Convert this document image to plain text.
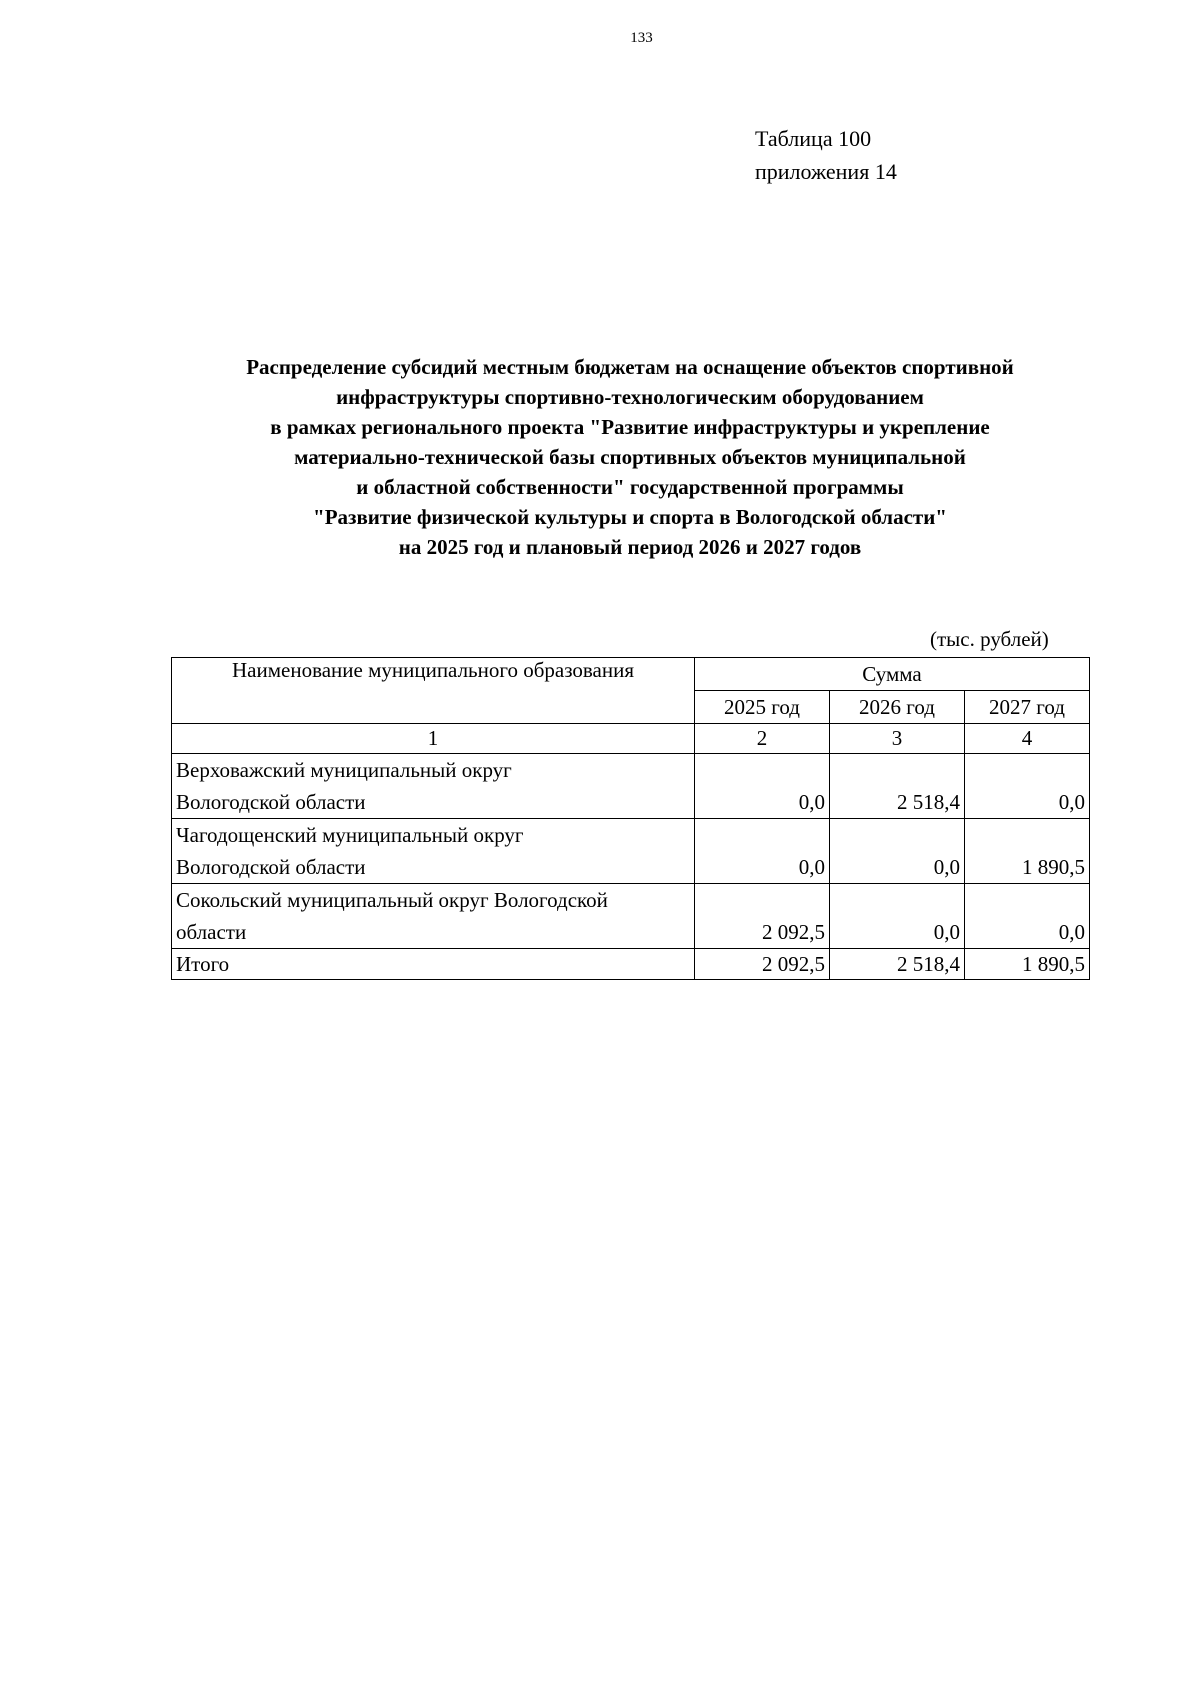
133
Таблица 100
приложения 14
Распределение субсидий местным бюджетам на оснащение объектов спортивной
инфраструктуры спортивно-технологическим оборудованием
в рамках регионального проекта "Развитие инфраструктуры и укрепление
материально-технической базы спортивных объектов муниципальной
и областной собственности" государственной программы
"Развитие физической культуры и спорта в Вологодской области"
на 2025 год и плановый период 2026 и 2027 годов
(тыс. рублей)
Наименование муниципального образования	Сумма		
	2025 год	2026 год	2027 год
1	2	3	4

Верховажский муниципальный округ
Вологодской области	0,0	2 518,4	0,0

Чагодощенский муниципальный округ
Вологодской области	0,0	0,0	1 890,5

Сокольский муниципальный округ Вологодской
области	2 092,5	0,0	0,0
Итого	2 092,5	2 518,4	1 890,5
